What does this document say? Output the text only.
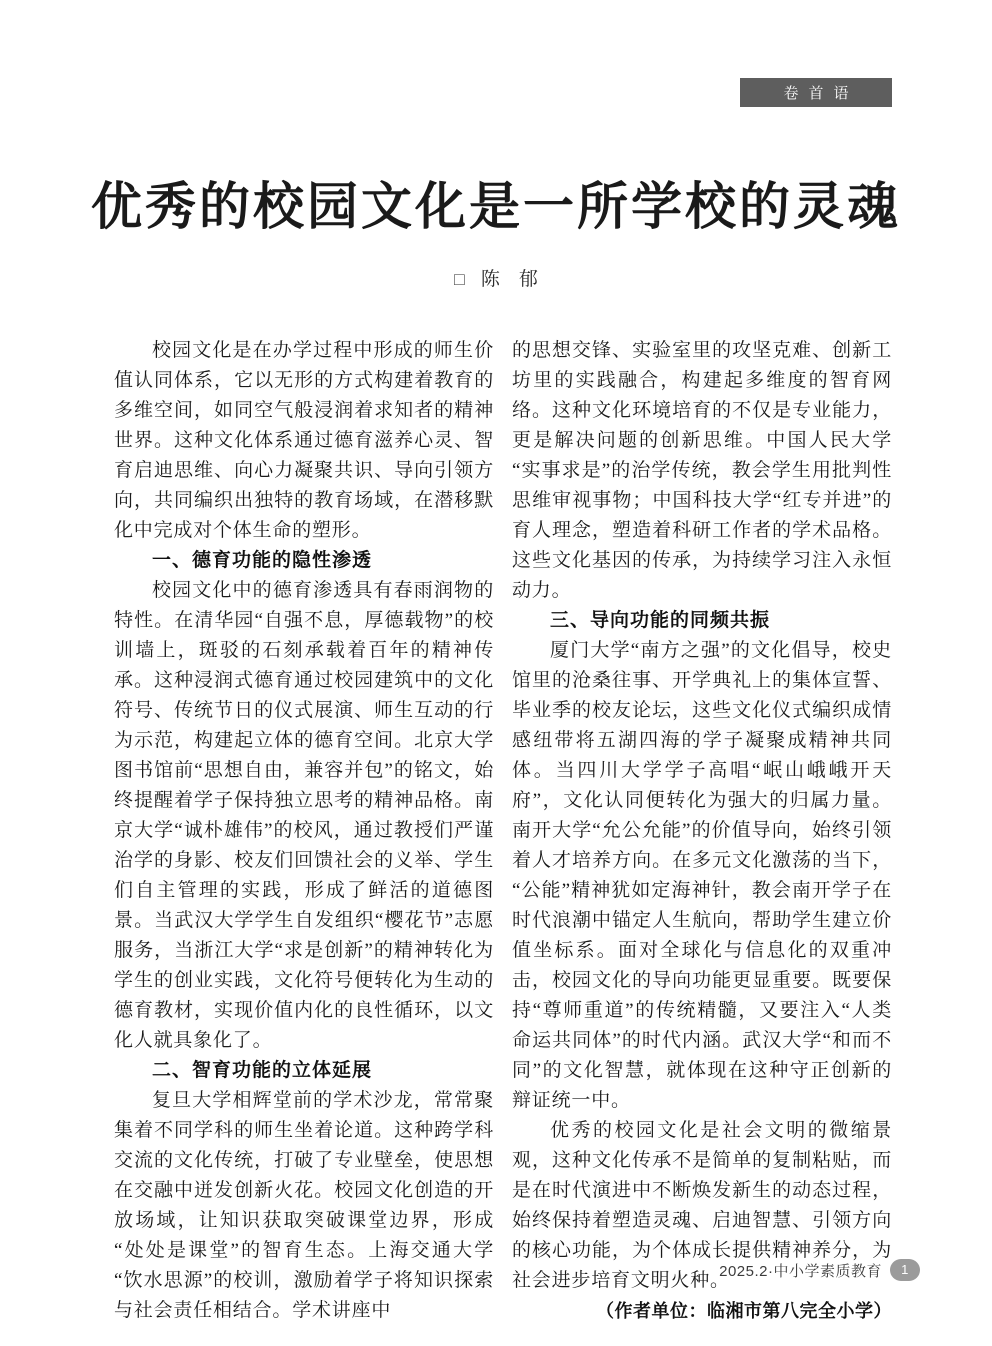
卷首语
优秀的校园文化是一所学校的灵魂
□ 陈　郁

校园文化是在办学过程中形成的师生价值认同体系，它以无形的方式构建着教育的多维空间，如同空气般浸润着求知者的精神世界。这种文化体系通过德育滋养心灵、智育启迪思维、向心力凝聚共识、导向引领方向，共同编织出独特的教育场域，在潜移默化中完成对个体生命的塑形。

一、德育功能的隐性渗透

校园文化中的德育渗透具有春雨润物的特性。在清华园“自强不息，厚德载物”的校训墙上，斑驳的石刻承载着百年的精神传承。这种浸润式德育通过校园建筑中的文化符号、传统节日的仪式展演、师生互动的行为示范，构建起立体的德育空间。北京大学图书馆前“思想自由，兼容并包”的铭文，始终提醒着学子保持独立思考的精神品格。南京大学“诚朴雄伟”的校风，通过教授们严谨治学的身影、校友们回馈社会的义举、学生们自主管理的实践，形成了鲜活的道德图景。当武汉大学学生自发组织“樱花节”志愿服务，当浙江大学“求是创新”的精神转化为学生的创业实践，文化符号便转化为生动的德育教材，实现价值内化的良性循环，以文化人就具象化了。

二、智育功能的立体延展

复旦大学相辉堂前的学术沙龙，常常聚集着不同学科的师生坐着论道。这种跨学科交流的文化传统，打破了专业壁垒，使思想在交融中迸发创新火花。校园文化创造的开放场域，让知识获取突破课堂边界，形成“处处是课堂”的智育生态。上海交通大学“饮水思源”的校训，激励着学子将知识探索与社会责任相结合。学术讲座中

的思想交锋、实验室里的攻坚克难、创新工坊里的实践融合，构建起多维度的智育网络。这种文化环境培育的不仅是专业能力，更是解决问题的创新思维。中国人民大学“实事求是”的治学传统，教会学生用批判性思维审视事物；中国科技大学“红专并进”的育人理念，塑造着科研工作者的学术品格。这些文化基因的传承，为持续学习注入永恒动力。

三、导向功能的同频共振

厦门大学“南方之强”的文化倡导，校史馆里的沧桑往事、开学典礼上的集体宣誓、毕业季的校友论坛，这些文化仪式编织成情感纽带将五湖四海的学子凝聚成精神共同体。当四川大学学子高唱“岷山峨峨开天府”，文化认同便转化为强大的归属力量。南开大学“允公允能”的价值导向，始终引领着人才培养方向。在多元文化激荡的当下，“公能”精神犹如定海神针，教会南开学子在时代浪潮中锚定人生航向，帮助学生建立价值坐标系。面对全球化与信息化的双重冲击，校园文化的导向功能更显重要。既要保持“尊师重道”的传统精髓，又要注入“人类命运共同体”的时代内涵。武汉大学“和而不同”的文化智慧，就体现在这种守正创新的辩证统一中。

优秀的校园文化是社会文明的微缩景观，这种文化传承不是简单的复制粘贴，而是在时代演进中不断焕发新生的动态过程，始终保持着塑造灵魂、启迪智慧、引领方向的核心功能，为个体成长提供精神养分，为社会进步培育文明火种。

（作者单位：临湘市第八完全小学）

2025.2·中小学素质教育	1
